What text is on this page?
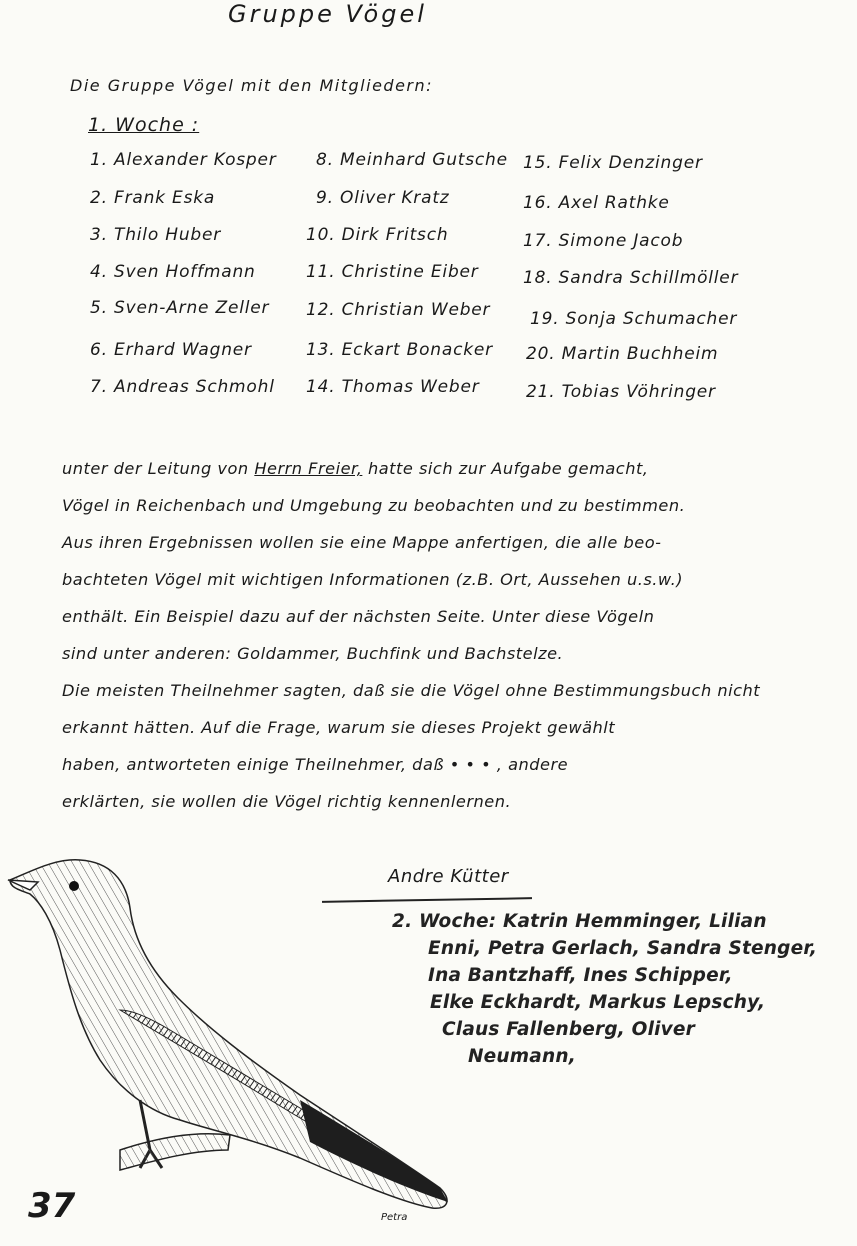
Gruppe Vögel
Die Gruppe Vögel mit den Mitgliedern:
1. Woche :
1. Alexander Kosper
2. Frank Eska
3. Thilo Huber
4. Sven Hoffmann
5. Sven-Arne Zeller
6. Erhard Wagner
7. Andreas Schmohl
8. Meinhard Gutsche
9. Oliver Kratz
10. Dirk Fritsch
11. Christine Eiber
12. Christian Weber
13. Eckart Bonacker
14. Thomas Weber
15. Felix Denzinger
16. Axel Rathke
17. Simone Jacob
18. Sandra Schillmöller
19. Sonja Schumacher
20. Martin Buchheim
21. Tobias Vöhringer

unter der Leitung von Herrn Freier, hatte sich zur Aufgabe gemacht,

Vögel in Reichenbach und Umgebung zu beobachten und zu bestimmen.

Aus ihren Ergebnissen wollen sie eine Mappe anfertigen, die alle beo-

bachteten Vögel mit wichtigen Informationen (z.B. Ort, Aussehen u.s.w.)

enthält. Ein Beispiel dazu auf der nächsten Seite. Unter diese Vögeln

sind unter anderen: Goldammer, Buchfink und Bachstelze.

Die meisten Theilnehmer sagten, daß sie die Vögel ohne Bestimmungsbuch nicht

erkannt hätten. Auf die Frage, warum sie dieses Projekt gewählt

haben, antworteten einige Theilnehmer, daß • • • , andere

erklärten, sie wollen die Vögel richtig kennenlernen.

Andre Kütter
2. Woche: Katrin Hemminger, Lilian
Enni, Petra Gerlach, Sandra Stenger,
Ina Bantzhaff, Ines Schipper,
Elke Eckhardt, Markus Lepschy,
Claus Fallenberg, Oliver
Neumann,
37	Petra
